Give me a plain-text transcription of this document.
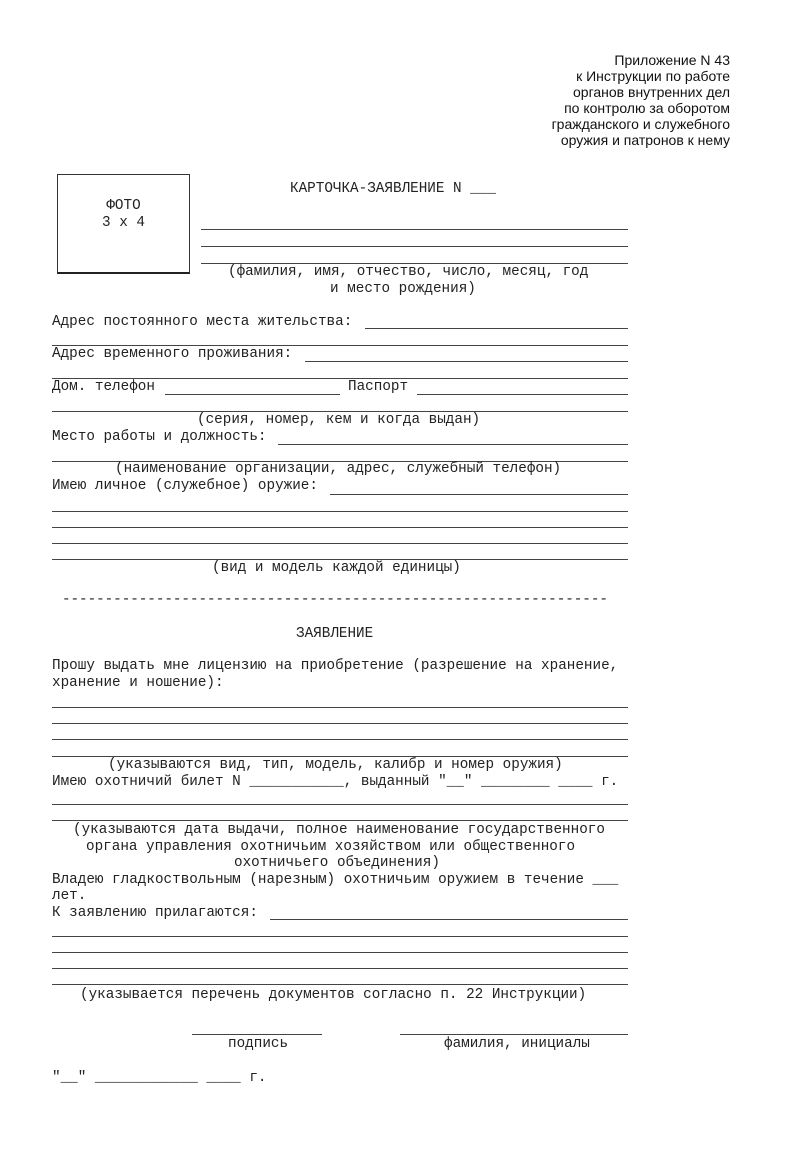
Приложение N 43
к Инструкции по работе
органов внутренних дел
по контролю за оборотом
гражданского и служебного
оружия и патронов к нему
ФОТО
3 x 4
КАРТОЧКА-ЗАЯВЛЕНИЕ N ___
(фамилия, имя, отчество, число, месяц, год
и место рождения)
Адрес постоянного места жительства:
Адрес временного проживания:
Дом. телефон	Паспорт
(серия, номер, кем и когда выдан)
Место работы и должность:
(наименование организации, адрес, служебный телефон)
Имею личное (служебное) оружие:
(вид и модель каждой единицы)
----------------------------------------------------------------
ЗАЯВЛЕНИЕ
Прошу выдать мне лицензию на приобретение (разрешение на хранение,
хранение и ношение):
(указываются вид, тип, модель, калибр и номер оружия)
Имею охотничий билет N ___________, выданный "__" ________ ____ г.
(указываются дата выдачи, полное наименование государственного
органа управления охотничьим хозяйством или общественного
охотничьего объединения)
Владею гладкоствольным (нарезным) охотничьим оружием в течение ___
лет.
К заявлению прилагаются:
(указывается перечень документов согласно п. 22 Инструкции)
подпись	фамилия, инициалы
"__" ____________ ____ г.
